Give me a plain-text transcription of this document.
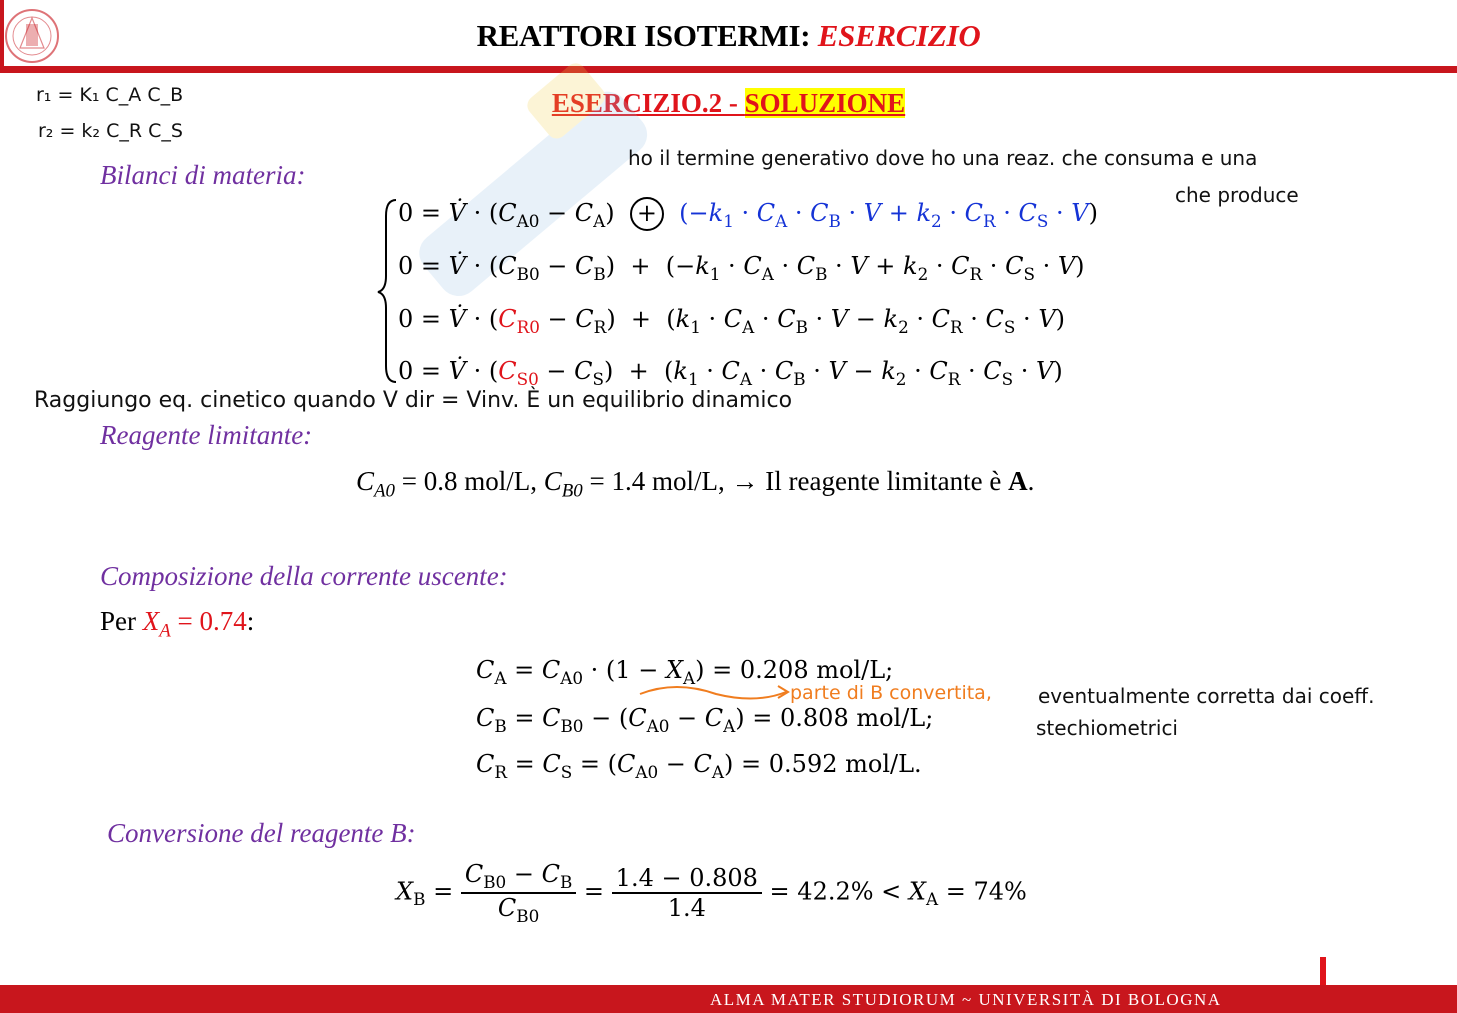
REATTORI ISOTERMI: ESERCIZIO
ESERCIZIO.2 - SOLUZIONE
r₁ = K₁ C_A C_B
r₂ = k₂ C_R C_S
ho il termine generativo dove ho una reaz. che consuma e una
che produce
Bilanci di materia:
0 = V̇ · $(C_{A0} - C_A) + (-k_1 \cdot C_A \cdot C_B \cdot V + k_2 \cdot C_R \cdot C_S \cdot V)$
0 = V̇ · $(C_{B0} - C_B) + (-k_1 \cdot C_A \cdot C_B \cdot V + k_2 \cdot C_R \cdot C_S \cdot V)$
0 = V̇ · $(C_{R0} - C_R) + (k_1 \cdot C_A \cdot C_B \cdot V - k_2 \cdot C_R \cdot C_S \cdot V)$
0 = V̇ · $(C_{S0} - C_S) + (k_1 \cdot C_A \cdot C_B \cdot V - k_2 \cdot C_R \cdot C_S \cdot V)$
Raggiungo eq. cinetico quando V dir = Vinv. È un equilibrio dinamico
Reagente limitante:
$C_{A0} = 0.8$ mol/L, $C_{B0} = 1.4$ mol/L, → Il reagente limitante è A.
Composizione della corrente uscente:
Per $X_A = 0.74$:
$C_A = C_{A0} \cdot (1 - X_A) = 0.208$ mol/L;
$C_B = C_{B0} - (C_{A0} - C_A) = 0.808$ mol/L;
$C_R = C_S = (C_{A0} - C_A) = 0.592$ mol/L.
parte di B convertita, eventualmente corretta dai coeff.
stechiometrici
Conversione del reagente B:
$X_B = \frac{C_{B0} - C_B}{C_{B0}} = \frac{1.4 - 0.808}{1.4} = 42.2\% < X_A = 74\%$
ALMA MATER STUDIORUM ~ UNIVERSITÀ DI BOLOGNA
